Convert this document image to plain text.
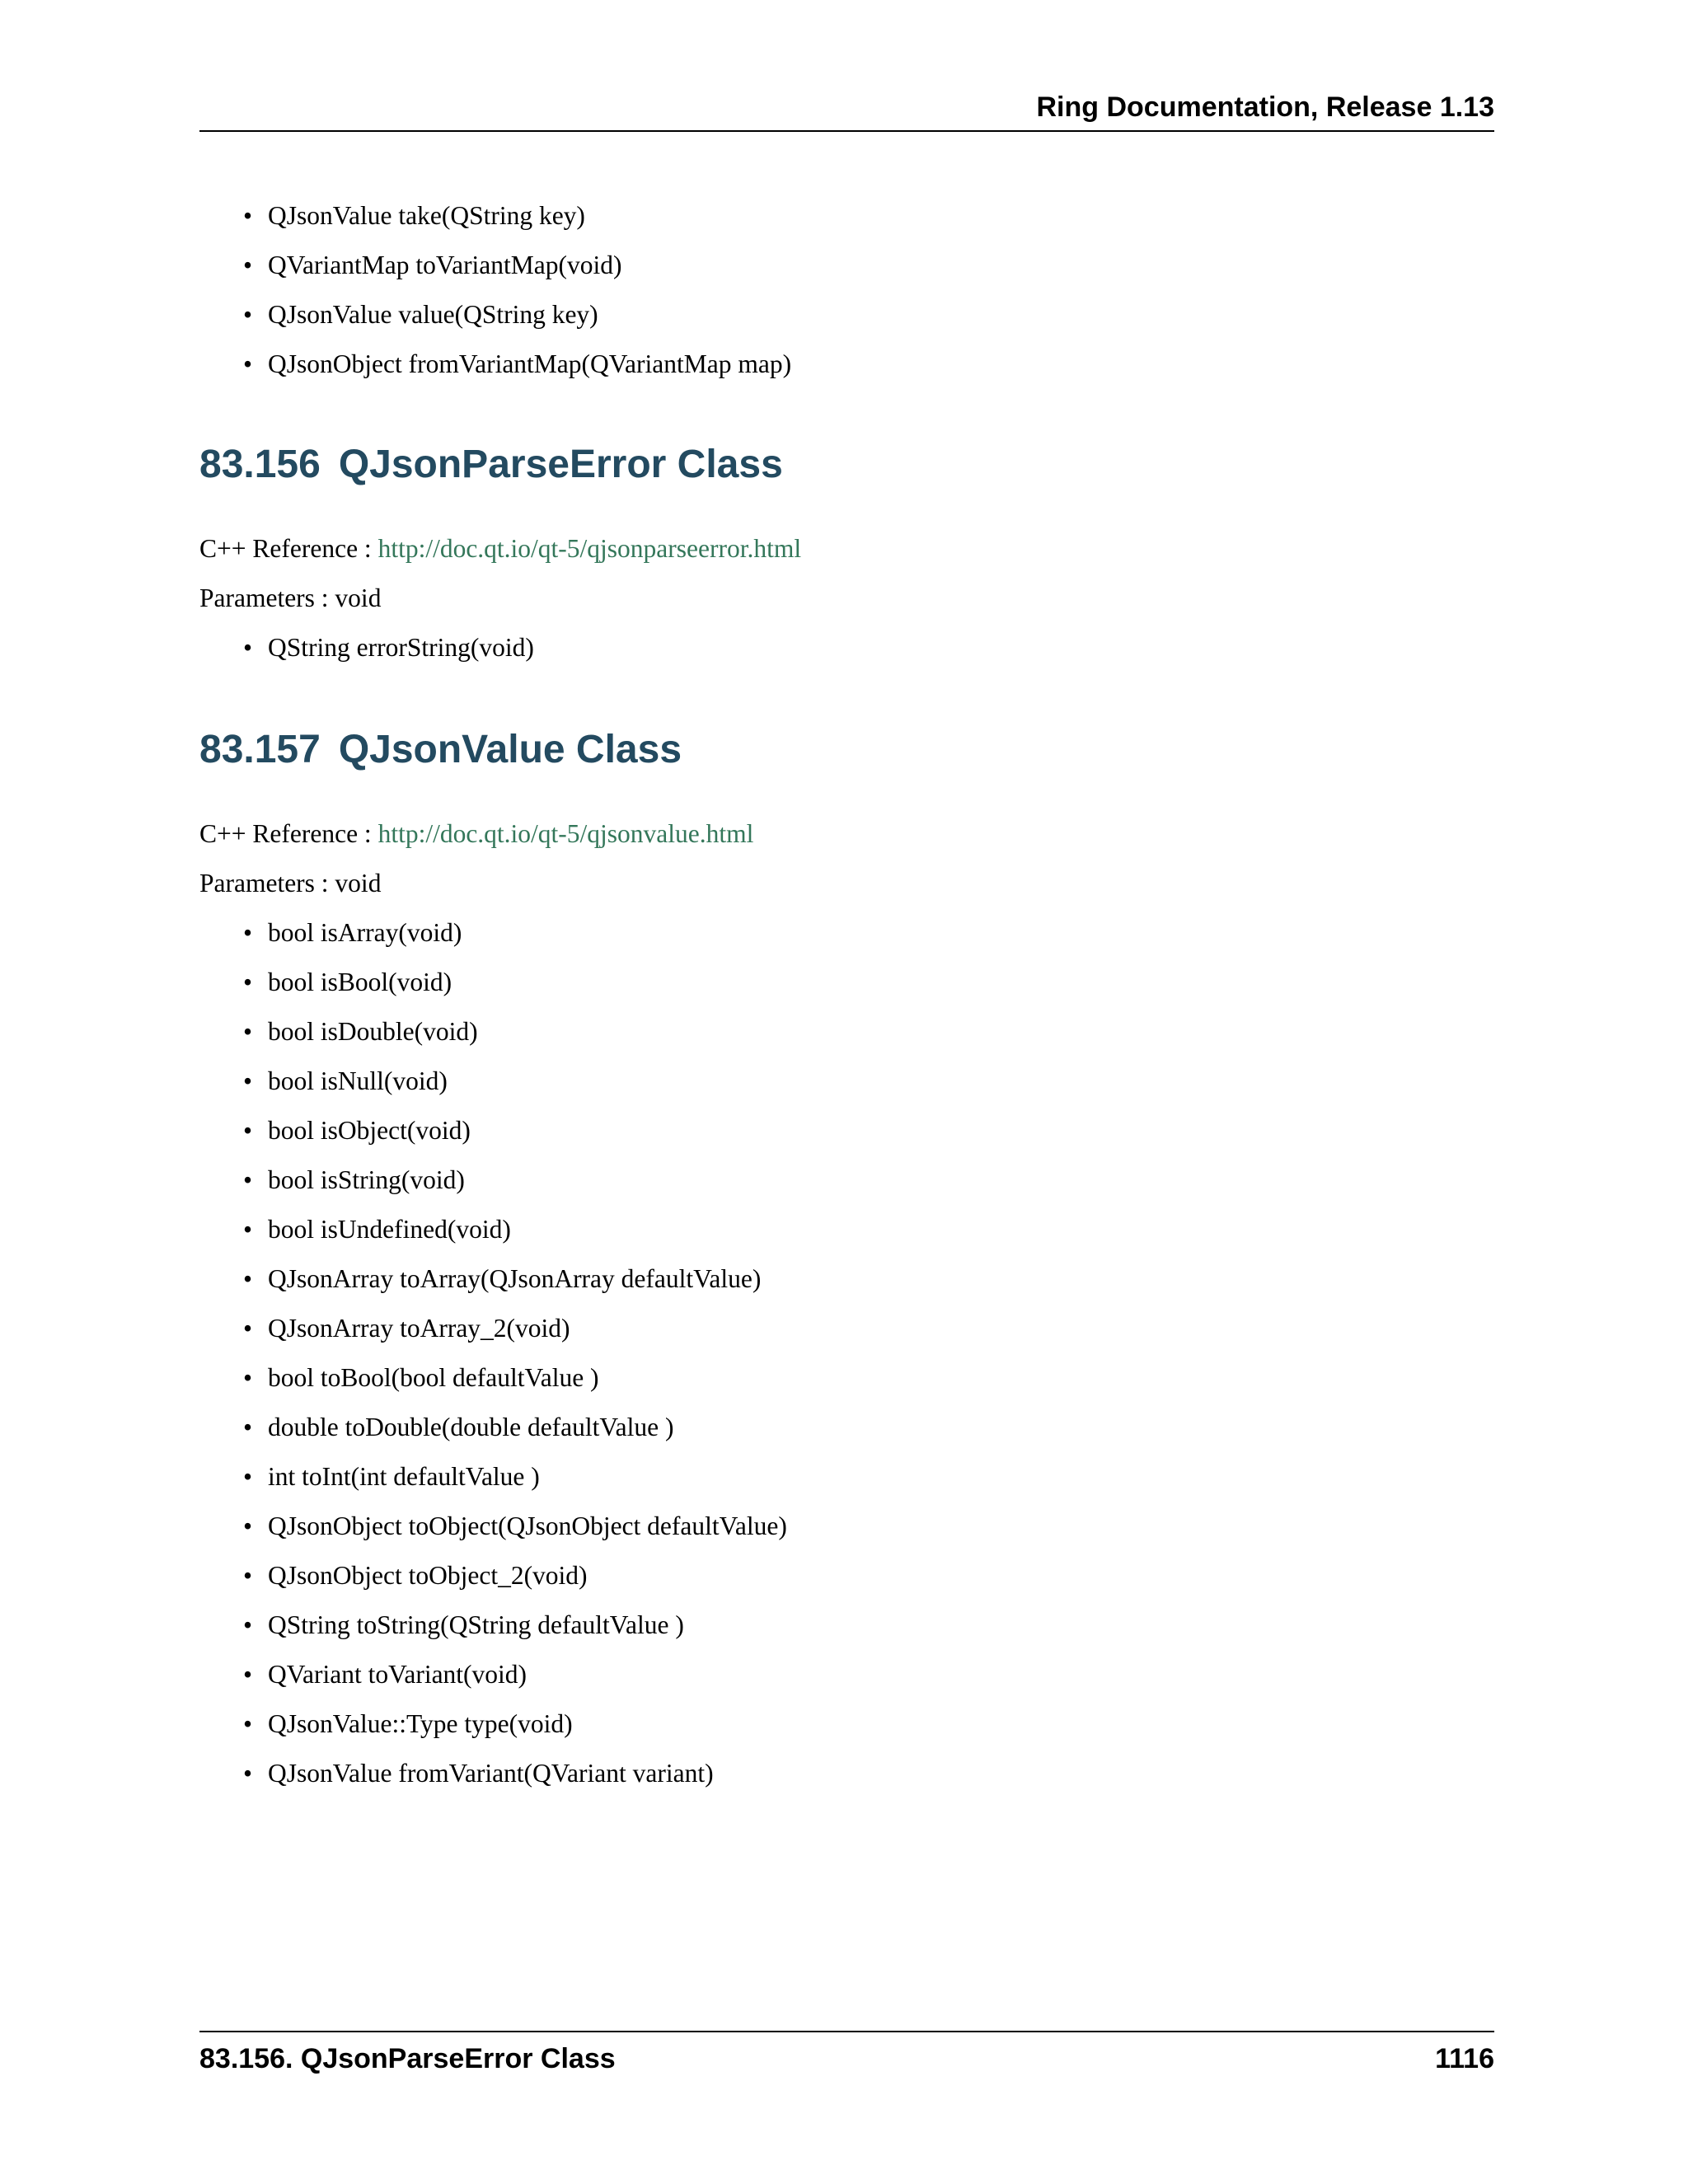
Ring Documentation, Release 1.13
• QJsonValue take(QString key)
• QVariantMap toVariantMap(void)
• QJsonValue value(QString key)
• QJsonObject fromVariantMap(QVariantMap map)
83.156 QJsonParseError Class
C++ Reference : http://doc.qt.io/qt-5/qjsonparseerror.html
Parameters : void
• QString errorString(void)
83.157 QJsonValue Class
C++ Reference : http://doc.qt.io/qt-5/qjsonvalue.html
Parameters : void
• bool isArray(void)
• bool isBool(void)
• bool isDouble(void)
• bool isNull(void)
• bool isObject(void)
• bool isString(void)
• bool isUndefined(void)
• QJsonArray toArray(QJsonArray defaultValue)
• QJsonArray toArray_2(void)
• bool toBool(bool defaultValue )
• double toDouble(double defaultValue )
• int toInt(int defaultValue )
• QJsonObject toObject(QJsonObject defaultValue)
• QJsonObject toObject_2(void)
• QString toString(QString defaultValue )
• QVariant toVariant(void)
• QJsonValue::Type type(void)
• QJsonValue fromVariant(QVariant variant)
83.156. QJsonParseError Class	1116
